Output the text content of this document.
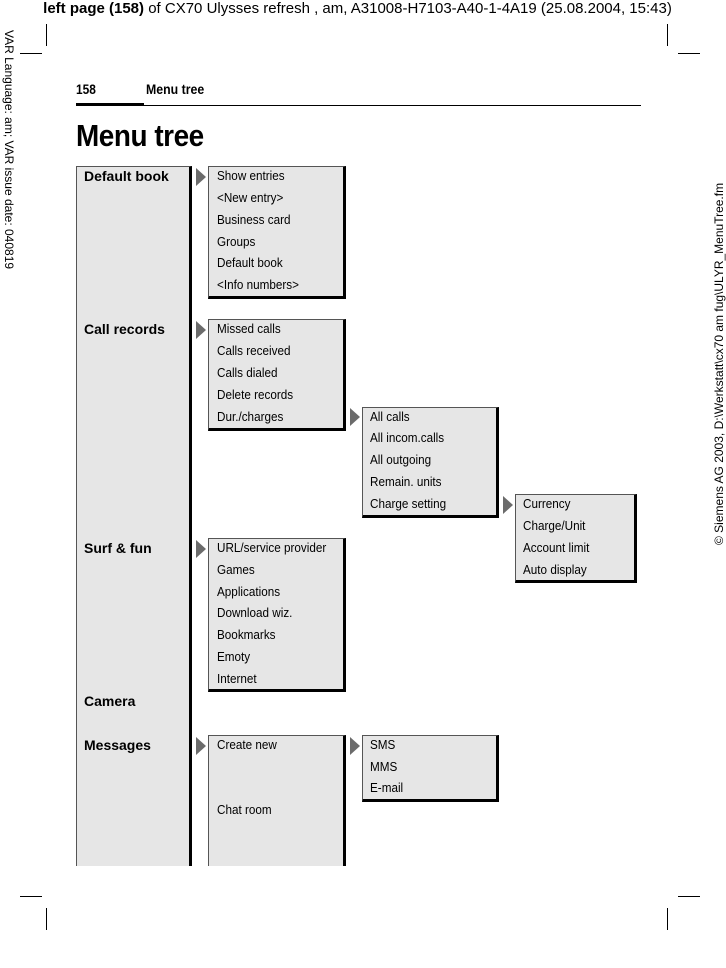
left page (158) of CX70 Ulysses refresh , am, A31008-H7103-A40-1-4A19 (25.08.2004, 15:43)
VAR Language: am; VAR issue date: 040819
© Siemens AG 2003, D:\Werkstatt\cx70 am fug\ULYR_MenuTree.fm
158	Menu tree
Menu tree
Default book
Call records
Surf & fun
Camera
Messages
Show entries
<New entry>
Business card
Groups
Default book
<Info numbers>
Missed calls
Calls received
Calls dialed
Delete records
Dur./charges	All calls
All incom.calls
All outgoing
Remain. units
Charge setting	Currency
Charge/Unit
Account limit
Auto display
URL/service provider
Games
Applications
Download wiz.
Bookmarks
Emoty
Internet
Create new
Chat room
SMS
MMS
E-mail
